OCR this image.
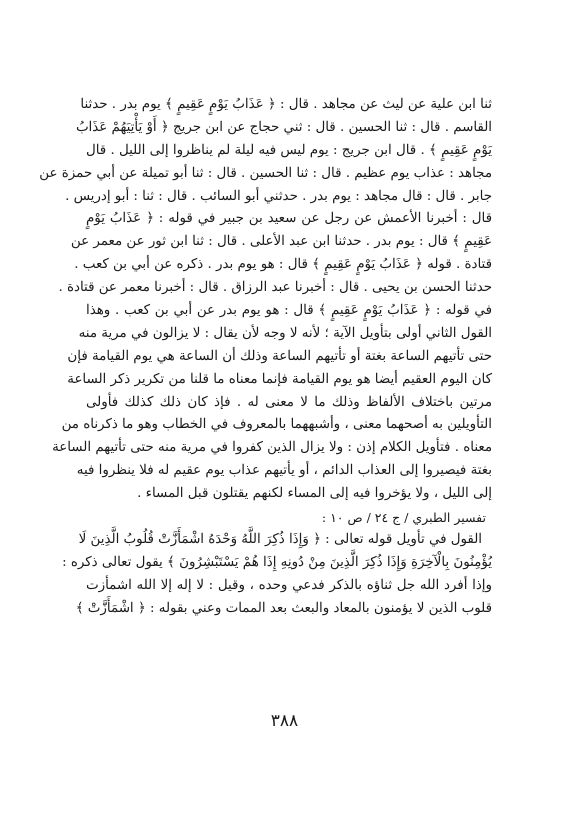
ثنا ابن علية عن ليث عن مجاهد . قال : ﴿ عَذَابُ يَوْمٍ عَقِيمٍ ﴾ يوم بدر . حدثنا
القاسم . قال : ثنا الحسين . قال : ثني حجاج عن ابن جريج ﴿ أَوْ يَأْتِيَهُمْ عَذَابُ
يَوْمٍ عَقِيمٍ ﴾ . قال ابن جريج : يوم ليس فيه ليلة لم يناظروا إلى الليل . قال
مجاهد : عذاب يوم عظيم . قال : ثنا الحسين . قال : ثنا أبو تميلة عن أبي حمزة عن
جابر . قال : قال مجاهد : يوم بدر . حدثني أبو السائب . قال : ثنا : أبو إدريس .
قال : أخبرنا الأعمش عن رجل عن سعيد بن جبير في قوله : ﴿ عَذَابُ يَوْمٍ
عَقِيمٍ ﴾ قال : يوم بدر . حدثنا ابن عبد الأعلى . قال : ثنا ابن ثور عن معمر عن
قتادة . قوله ﴿ عَذَابُ يَوْمٍ عَقِيمٍ ﴾ قال : هو يوم بدر . ذكره عن أبي بن كعب .
حدثنا الحسن بن يحيى . قال : أخبرنا عبد الرزاق . قال : أخبرنا معمر عن قتادة .
في قوله : ﴿ عَذَابُ يَوْمٍ عَقِيمٍ ﴾ قال : هو يوم بدر عن أبي بن كعب . وهذا
القول الثاني أولى بتأويل الآية ؛ لأنه لا وجه لأن يقال : لا يزالون في مرية منه
حتى تأتيهم الساعة بغتة أو تأتيهم الساعة وذلك أن الساعة هي يوم القيامة فإن
كان اليوم العقيم أيضا هو يوم القيامة فإنما معناه ما قلنا من تكرير ذكر الساعة
مرتين باختلاف الألفاظ وذلك ما لا معنى له . فإذ كان ذلك كذلك فأولى
التأويلين به أصحهما معنى ، وأشبههما بالمعروف في الخطاب وهو ما ذكرناه من
معناه . فتأويل الكلام إذن : ولا يزال الذين كفروا في مرية منه حتى تأتيهم الساعة
بغتة فيصيروا إلى العذاب الدائم ، أو يأتيهم عذاب يوم عقيم له فلا ينظروا فيه
إلى الليل ، ولا يؤخروا فيه إلى المساء لكنهم يقتلون قبل المساء .
تفسير الطبري / ج ٢٤ / ص ١٠ :
القول في تأويل قوله تعالى : ﴿ وَإِذَا ذُكِرَ اللَّهُ وَحْدَهُ اشْمَأَزَّتْ قُلُوبُ الَّذِينَ لَا
يُؤْمِنُونَ بِالْآخِرَةِ وَإِذَا ذُكِرَ الَّذِينَ مِنْ دُونِهِ إِذَا هُمْ يَسْتَبْشِرُونَ ﴾ يقول تعالى ذكره :
وإذا أفرد الله جل ثناؤه بالذكر فدعي وحده ، وقيل : لا إله إلا الله اشمأزت
قلوب الذين لا يؤمنون بالمعاد والبعث بعد الممات وعني بقوله : ﴿ اشْمَأَزَّتْ ﴾
٣٨٨
